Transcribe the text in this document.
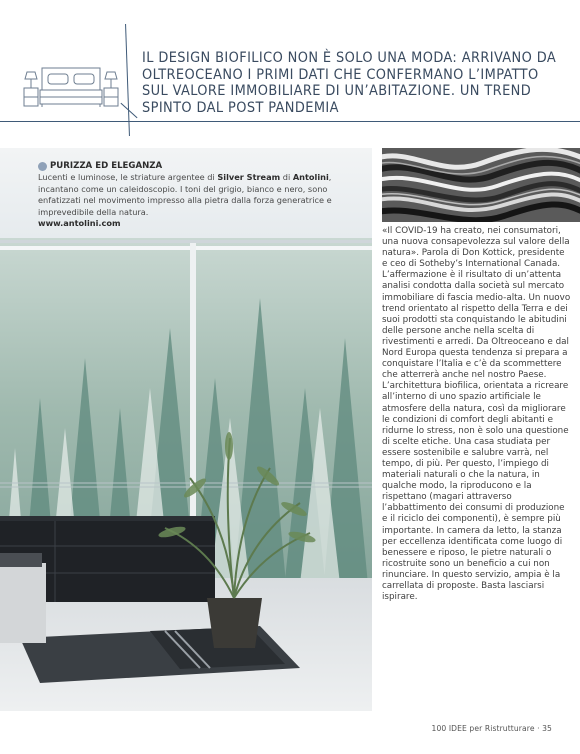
IL DESIGN BIOFILICO NON È SOLO UNA MODA: ARRIVANO DA OLTREOCEANO I PRIMI DATI CHE CONFERMANO L’IMPATTO SUL VALORE IMMOBILIARE DI UN’ABITAZIONE. UN TREND SPINTO DAL POST PANDEMIA
PURIZZA ED ELEGANZA
Lucenti e luminose, le striature argentee di Silver Stream di Antolini, incantano come un caleidoscopio. I toni del grigio, bianco e nero, sono enfatizzati nel movimento impresso alla pietra dalla forza generatrice e imprevedibile della natura.
www.antolini.com

«Il COVID-19 ha creato, nei consumatori, una nuova consapevolezza sul valore della natura». Parola di Don Kottick, presidente e ceo di Sotheby’s International Canada. L’affermazione è il risultato di un’attenta analisi condotta dalla società sul mercato immobiliare di fascia medio-alta. Un nuovo trend orientato al rispetto della Terra e dei suoi prodotti sta conquistando le abitudini delle persone anche nella scelta di rivestimenti e arredi. Da Oltreoceano e dal Nord Europa questa tendenza si prepara a conquistare l’Italia e c’è da scommettere che atterrerà anche nel nostro Paese. L’architettura biofilica, orientata a ricreare all’interno di uno spazio artificiale le atmosfere della natura, così da migliorare le condizioni di comfort degli abitanti e ridurne lo stress, non è solo una questione di scelte etiche. Una casa studiata per essere sostenibile e salubre varrà, nel tempo, di più. Per questo, l’impiego di materiali naturali o che la natura, in qualche modo, la riproducono e la rispettano (magari attraverso l’abbattimento dei consumi di produzione e il riciclo dei componenti), è sempre più importante. In camera da letto, la stanza per eccellenza identificata come luogo di benessere e riposo, le pietre naturali o ricostruite sono un beneficio a cui non rinunciare. In questo servizio, ampia è la carrellata di proposte. Basta lasciarsi ispirare.

100 IDEE per Ristrutturare · 35
